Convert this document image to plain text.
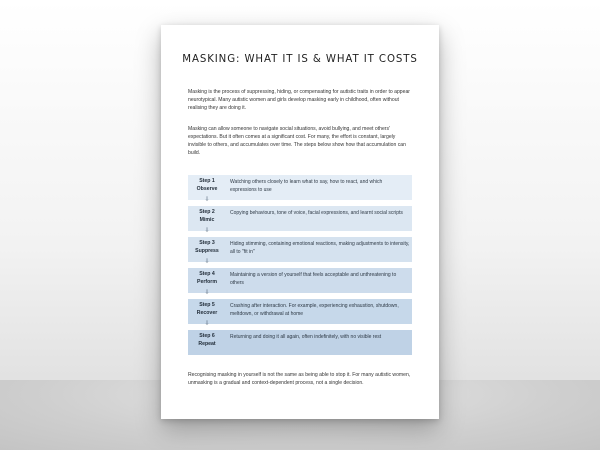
MASKING: WHAT IT IS & WHAT IT COSTS
Masking is the process of suppressing, hiding, or compensating for autistic traits in order to appear neurotypical. Many autistic women and girls develop masking early in childhood, often without realising they are doing it.
Masking can allow someone to navigate social situations, avoid bullying, and meet others' expectations. But it often comes at a significant cost. For many, the effort is constant, largely invisible to others, and accumulates over time. The steps below show how that accumulation can build.
Step 1
Observe
Watching others closely to learn what to say, how to react, and which expressions to use
⇩
Step 2
Mimic
Copying behaviours, tone of voice, facial expressions, and learnt social scripts
⇩
Step 3
Suppress
Hiding stimming, containing emotional reactions, making adjustments to intensity, all to "fit in"
⇩
Step 4
Perform
Maintaining a version of yourself that feels acceptable and unthreatening to others
⇩
Step 5
Recover
Crashing after interaction. For example, experiencing exhaustion, shutdown, meltdown, or withdrawal at home
⇩
Step 6
Repeat
Returning and doing it all again, often indefinitely, with no visible rest
Recognising masking in yourself is not the same as being able to stop it. For many autistic women, unmasking is a gradual and context-dependent process, not a single decision.
